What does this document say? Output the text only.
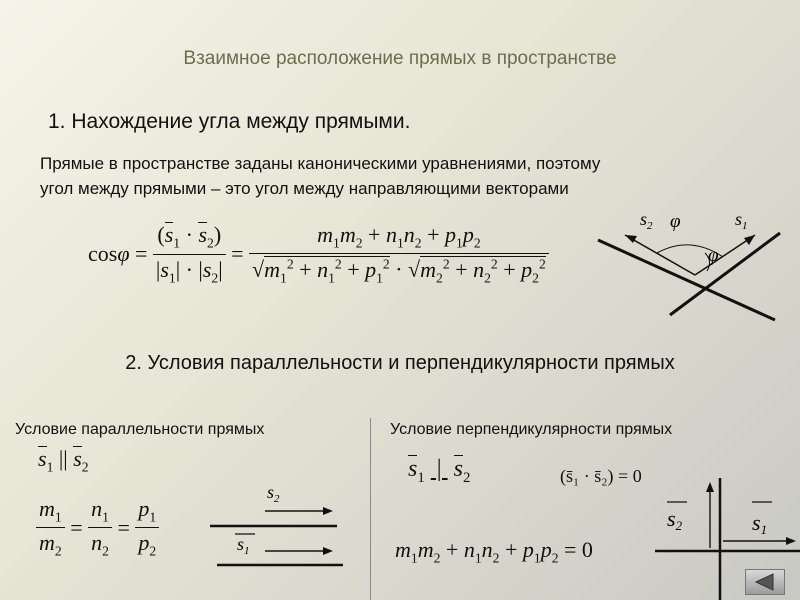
Взаимное расположение прямых в пространстве
1. Нахождение угла между прямыми.
Прямые в пространстве заданы каноническими уравнениями, поэтому
угол между прямыми – это угол между направляющими векторами
$\cos\varphi = \frac{(s_1 \cdot s_2)}{|s_1| \cdot |s_2|} = \frac{m_1m_2 + n_1n_2 + p_1p_2}{√m_1^2 + n_1^2 + p_1^2 \cdot √m_2^2 + n_2^2 + p_2^2}$
$s_2$ φ	$s_1$
φ
2. Условия параллельности и перпендикулярности прямых
Условие параллельности прямых	Условие перпендикулярности прямых
$s_1$ || $s_2$
$\frac{m_1}{m_2} = \frac{n_1}{n_2} = \frac{p_1}{p_2}$
$s_2$
$s_1$
$s_1$  |  $s_2$	(s̄₁ · s̄₂) = 0
$m_1m_2 + n_1n_2 + p_1p_2 = 0$
s2	s1
